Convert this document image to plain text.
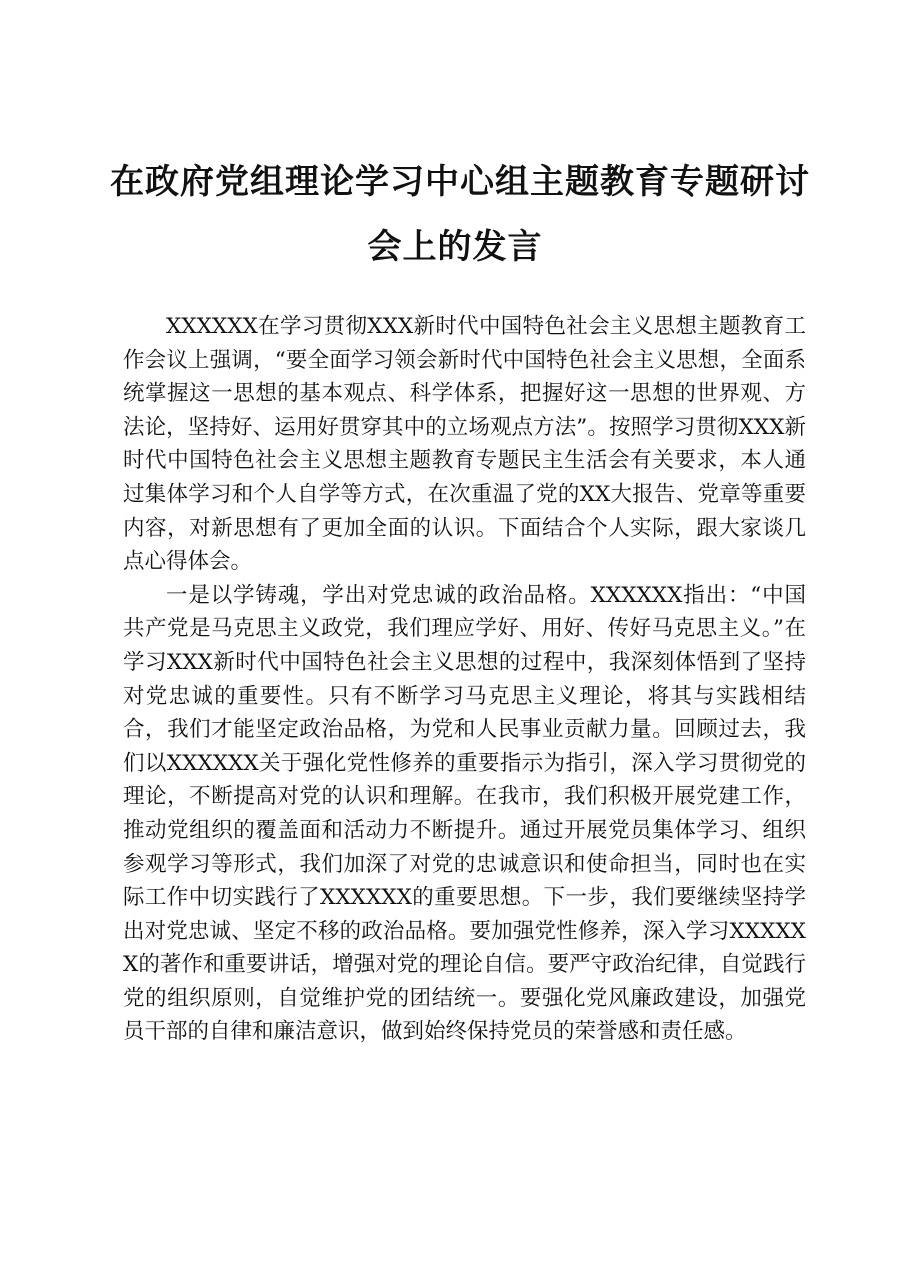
在政府党组理论学习中心组主题教育专题研讨
会上的发言

XXXXXX在学习贯彻XXX新时代中国特色社会主义思想主题教育工作会议上强调，“要全面学习领会新时代中国特色社会主义思想，全面系统掌握这一思想的基本观点、科学体系，把握好这一思想的世界观、方法论，坚持好、运用好贯穿其中的立场观点方法”。按照学习贯彻XXX新时代中国特色社会主义思想主题教育专题民主生活会有关要求，本人通过集体学习和个人自学等方式，在次重温了党的XX大报告、党章等重要内容，对新思想有了更加全面的认识。下面结合个人实际，跟大家谈几点心得体会。

一是以学铸魂，学出对党忠诚的政治品格。XXXXXX指出：“中国共产党是马克思主义政党，我们理应学好、用好、传好马克思主义。”在学习XXX新时代中国特色社会主义思想的过程中，我深刻体悟到了坚持对党忠诚的重要性。只有不断学习马克思主义理论，将其与实践相结合，我们才能坚定政治品格，为党和人民事业贡献力量。回顾过去，我们以XXXXXX关于强化党性修养的重要指示为指引，深入学习贯彻党的理论，不断提高对党的认识和理解。在我市，我们积极开展党建工作，推动党组织的覆盖面和活动力不断提升。通过开展党员集体学习、组织参观学习等形式，我们加深了对党的忠诚意识和使命担当，同时也在实际工作中切实践行了XXXXXX的重要思想。下一步，我们要继续坚持学出对党忠诚、坚定不移的政治品格。要加强党性修养，深入学习XXXXXX的著作和重要讲话，增强对党的理论自信。要严守政治纪律，自觉践行党的组织原则，自觉维护党的团结统一。要强化党风廉政建设，加强党员干部的自律和廉洁意识，做到始终保持党员的荣誉感和责任感。
